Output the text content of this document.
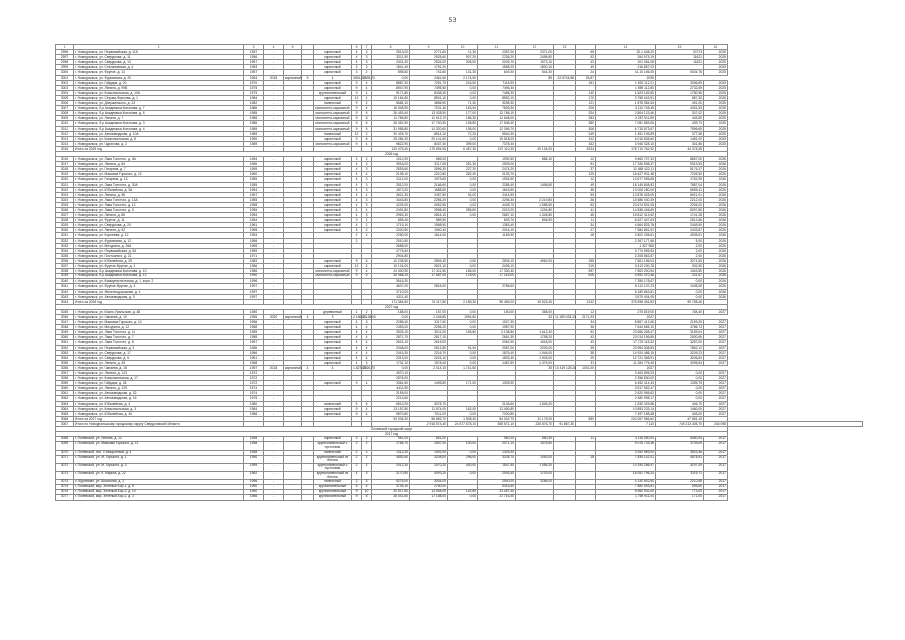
53
1	2	3	4	5			6	7	8	9	10	11	12	13		14	15	16	
2996	г. Новоуральск, ул. Первомайская, д. 115	1957	-			кирпичный	4	3	2813,00	2771,60	11,30	2357,00	2371,00		65	20.1 048,20	37073	2025	
2997	г. Новоуральск, ул. Свердлова, д. 11	1956	-			кирпичный	4	3	3211,90	2925,60	907,20	2236,20	2498,80		52	264 975,19	11621	2025	
2998	г. Новоуральск, ул. Свердлова, д. 13	1957	-			кирпичный	4	3	2401,20	2534,00	306,00	2205,70	1973,10		43	201 081,08	11621	2025	
2999	г. Новоуральск, ул. Стахановская, д. 4	1953	-			кирпичный	3	3	1841,40	1751,20		1568,20	1800,10		40	216 857,23		2025	
3000	г. Новоуральск, ул. Фрунзе, д. 14	1957	-			кирпичный	3	2	895,60	742,60	131,30	649,30	544,30		24	41.10 156,05	5304,76	2025	
3001	г. Новоуральск, ул. Фурманова, д. 20	1963	2018	кирпичный	5	4	3061,20	2835,70	0,00	2461,60	2.174,00		89	22.5744,88	25,87	2025			
3002	г. Новоуральск, ул. Гайдара, д. 20	1970	-			кирпичный	9	4	8887,20	7281,70	243,50	7115,90			161	1 520 112,21	3396,89	2025	
3003	г. Новоуральск, ул. Ленина, д. 99В	1975	-			кирпичный	9	4	8947,90	7495,50	0,00	7496,30				1 559 112,80	2732,69	2025	
3004	г. Новоуральск, ул. Комсомольская, д. 10А	1979	-			крупнопанельный	9	4	9171,80	8438,40	0,00	7468,30			140	1 623 182,80	1780,96	2025	
3005	г. Новоуральск, ул. Серова-Фролова, д. 1	1984	-			кирпичный	12	1	10 164,80	8501,10	0,00	8552,10			170	3 755 043,91	887,30	2025	
3006	г. Новоуральск, ул. Дзержинского, д. 13	1982	-			панельный	9	2	5684,10	3856,90	71,30	3298,30			121	1 876 384,54	491,00	2025	
3007	г. Новоуральск, б-р Академика Кононова, д. 7	1986	-			монолитно-каркасный	9	4	16 945,50	7031,40	163,00	7609,30			209	3 110 745,45	4331,53	2025	
3008	г. Новоуральск, б-р Академика Кононова, д. 6	1985	-			монолитно-каркасный	9	5	26 453,40	13 028,90	177,00	13 766,10			324	2 804 123,46	307,02	2025	
3009	г. Новоуральск, ул. Ленина, д. 7	1986	-			монолитно-каркасный	9	5	11 785,80	11 013,70	186,30	11 648,00			283	3 287 911,89	445,50	2025	
3010	г. Новоуральск, б-р Академика Кононова, д. 3	1986	-			монолитно-каркасный	9	6	26 451,90	17 700,50	198,80	17 508,40			380	7 081 583,06	439,73	2025	
3011	г. Новоуральск, б-р Академика Кононова, д. 4	1989	-			монолитно-каркасный	9	5	31 958,80	14 320,60	195,00	12 269,70			306	6 715 873,67	7996,65	2025	
3012	г. Новоуральск, ул. Автозаводская, д. 10А	1989	-			панельный	12	2	20 425,70	8514,10	72,20	9540,30			249	1 451 195,89	377,36	2025	
3013	г. Новоуральск, ул. Комсомольская, д. 8	1990	-			кирпичный	9	8	25 284,30	20 141,60	0,00	19 518,00			312	6 015 838,60	1481,00	2025	
3014	г. Новоуральск, ул. Чурилова, д. 2	1989	-			монолитно-каркасный	9	4	9822,90	8437,40	399,00	7378,40			162	3 946 328,10	341,85	2025	
3015	Итого за 2025 год								120 475,40	179 894,90	6 457,30	197 110,30	40 134,00		5234	178 710 762,92	44 378,38		
2026 год																			
3016	г. Новоуральск, ул. Льва Толстого, д. 3А	1954	-			кирпичный	2	2	1012,90	689,00		1992,50	888,10		12	9 663 707,33	8867,00	2026	
3017	г. Новоуральск, ул. Ленина, д. 84	1956	-			кирпичный	4	3	3516,00	3117,60	251,30	2909,00			51	17 326 598,37	9319,53	2026	
3018	г. Новоуральск, ул. Гагарина, д. 7	1959	-			кирпичный	4	3	2593,60	2596,30	227,20	2474,20			37	11 458 422,11	5176,37	2026	
3019	г. Новоуральск, ул. Максима Горького, д. 12	1960	-			кирпичный	4	4	2199,10	2210,80	262,40	2139,70			125	16 627 931,48	7205,50	2026	
3020	г. Новоуральск, ул. Гагарина, д. 13	1959	-			кирпичный	4	3	2112,00	1979,60	0,00	1934,50			12	13 677 595,85	1762,99	2026	
3021	г. Новоуральск, ул. Льва Толстого, д. 30А	1955	-			кирпичный	4	3	2512,00	2166,60	0,00	2288,40	1498,80		49	18 145 808,83	7887,04	2026	
3022	г. Новоуральск, ул. Юбилейная, д. 3А	1954	-			кирпичный	4	3	1873,20	1688,60	0,00	1616,50			36	13 006 280,00	6555,41	2026	
3023	г. Новоуральск, ул. Ленина, д. 98	1957	-			кирпичный	4	4	2621,30	2457,80	92,00	2414,50			50	13 876 428,09	6921,01	2026	
3024	г. Новоуральск, ул. Льва Толстого, д. 13А	1955	-			кирпичный	4	3	3443,80	2256,20	0,00	2296,30	2.219,80		36	15 586 030,39	2212,00	2026	
3025	г. Новоуральск, ул. Льва Толстого, д. 12	1958	-			кирпичный	4	3	4225,00	4052,50	0,00	4428,70	1.588,50		62	23 674 531,05	2206,00	2026	
3026	г. Новоуральск, ул. Льва Толстого, д. 5	1955	-			кирпичный	4	4	2491,80	2598,40	355,80	2019,20	1294,80		41	14 838 446,69	5097,80	2026	
3027	г. Новоуральск, ул. Ленина, д. 86	1954	-			кирпичный	4	3	2963,30	2816,10	0,00	2667,10	1.345,80		45	16 812 313,92	1741,28	2026	
3028	г. Новоуральск, ул. Фрунзе, д. 11	1954	-			кирпичный	3	2	855,40	889,50		849,70	846,90		11	6 527 447,63	2512,66	2026	
3029	г. Новоуральск, ул. Свердлова, д. 24	1961	-			кирпичный	4	2	1719,10	1568,50		1383,40			34	4 664 825,78	2449,50	2026	
3030	г. Новоуральск, ул. Ленина, д. 92	1955	-			кирпичный	3	2	2020,50	1900,40		2016,10			27	7 584 891,91	2433,67	2026	
3031	г. Новоуральск, ул. Корнеева, д. 12	1954	-				2	2	2290,00	1614,00		1189,90			18	2 802 435,61	4535,51	2026	
3032	г. Новоуральск, ул. Фурманова, д. 12	1958	-				2		2010,50							2 267 177,66	5,00	2026	
3033	г. Новоуральск, ул. Мичурина, д. 26А	1959	-						2688,00							1 327 965	2,00	2026	
3034	г. Новоуральск, ул. Первомайская, д. 95	1959	-						2775,60							3 774 695,53	2,00	2026	
3035	г. Новоуральск, ул. Постоялого, д. 21	1971	-						2904,80							2 208 863,57	2,00	2026	
3036	г. Новоуральск, ул. Юбилейная, д. 29	1982	-			кирпичный	9	6	10 238,50	2894,40	0,00	2506,10	4962,00		155	7 601 156,04	3274,50	2026	
3037	г. Новоуральск, ул. Фрунзе-Фрунзе, д. 1	1986	-			кирпичный	12	2	10 124,00	2821,10	0,00	2435,10			219	3 413 230,78	302,50	2026	
3038	г. Новоуральск, б-р Академика Кононова, д. 10	1986	-			монолитно-каркасный	9	4	24 400,90	17 311,50	156,00	17 330,40			597	7 800 200,54	1343,50	2026	
3039	г. Новоуральск, б-р Академика Кононова, д. 12	1990	-			монолитно-каркасный	9	5	26 988,20	17 587,00	178,00	17 216,00			526	4 692 470,46	231,87	2026	
3040	г. Новоуральск, ул. Коммунистическая, д. 1, корп. 2	1996	-						3616,30							7 350 178,67	0,00	2026	
3041	г. Новоуральск, ул. Фрунзе-Фрунзе, д. 4	1997	-						4637,00	2816,00		2786,60				6 112 137,23	1435,08	2026	
3042	г. Новоуральск, ул. Железнодорожная, д. 4	1997	-						3710,00							6 189 863,81	0,00	2026	
3043	г. Новоуральск, ул. Автозаводская, д. 9	1997	-						4311,40							3 879 404,05	0,00	2026	
3044	Итого за 2026 год								171 384,60	74 117,80	2 155,30	95 469,20	15 523,40		2132	375 698 451,83	99 758,46		
2027 год																			
3045	г. Новоуральск, ул. Южно-Уральская, д. 48	1950	-			деревянный	1	2	188,00	157,00	0,00	160,00	368,00		12	275 819,00	784,40	2027	
3046	г. Новоуральск, ул. Чапаева, д. 10	1956	2020	кирпичный	4	3	2.156,60	2.128,00	0,00	2.046,80	1994,80		33	11.189.033,33	2171,93	2027			
3047	г. Новоуральск, ул. Максима Горького, д. 14	1956	-			кирпичный	4	3	2288,40	2117,60	0,00	1927,30			34	8 867 412,06	2159,25	2027	
3048	г. Новоуральск, ул. Мичурина, д. 12	1958	-			кирпичный	4	4	2453,00	2256,20	0,00	1987,90			36	7 644 665,10	4786,73	2027	
3049	г. Новоуральск, ул. Льва Толстого, д. 11	1955	-			кирпичный	4	4	2825,10	3011,00	155,80	2.138,80	1.612,40		52	23 666 268,47	3189,04	2027	
3050	г. Новоуральск, ул. Льва Толстого, д. 7	1958	-			кирпичный	4	4	2871,70	2617,10		2661,30	1798,20		42	23 014 156,85	2900,56	2027	
3051	г. Новоуральск, ул. Льва Толстого, д. 8	1957	-			кирпичный	4	4	2624,10	2619,00		2362,90	1618,00		43	17 723 115,32	3287,00	2027	
3052	г. Новоуральск, ул. Первомайская, д. 3	1956	-			кирпичный	4	4	2048,00	2612,80	91,00	2087,00	2200,00		39	23 954 308,83	7862,12	2027	
3053	г. Новоуральск, ул. Свердлова, д. 17	1956	-			кирпичный	4	4	2416,30	2216,70	0,00	1876,40	1.946,00		38	14 924 486,15	3205,23	2027	
3054	г. Новоуральск, ул. Свердлова, д. 5	1961	-			кирпичный	4	4	2313,00	2024,10	0,00	1833,40	1.925,00		29	12 721 368,91	3036,84	2027	
3055	г. Новоуральск, ул. Ленина, д. 49	1958	-			кирпичный	4	3	1731,10	1578,40	0,00	1487,80	1.375,00		31	11 284 776,40	3095,84	2027	
3056	г. Новоуральск, ул. Чапаева, д. 18	1957	2018	кирпичный	4	4	1.827,00	2026,70	0,00	2.014,10	1.741,60		35	10 419 125,28	1001,00	2027			
3057	г. Новоуральск, ул. Ленина, д. 123	1972	-						2670,10							3 463 895,23	0,00	2027	
3058	г. Новоуральск, ул. Комсомольская, д. 17	1972	-						2876,00							2 356 830,00	0,00	2027	
3059	г. Новоуральск, ул. Гайдара, д. 26	1972	-			кирпичный	9	4	3361,60	1495,80	171,00	1305,90				6 452 414,43	1395,79	2027	
3060	г. Новоуральск, ул. Ленина, д. 129	1974	-						4411,90							3 517 552,47	0,00	2027	
3061	г. Новоуральск, ул. Автозаводская, д. 32	1974	-						2159,00							2 620 956,62	0,00	2027	
3062	г. Новоуральск, ул. Автозаводская, д. 16	1975	-						2213,60							2 480 998,17	0,00	2027	
3063	г. Новоуральск, ул. Юбилейная, д. 4	1980	-			панельный	5	5	6812,00	3078,70		2146,60	1.545,20			1 830 329,88	446,70	2027	
3064	г. Новоуральск, ул. Комсомольская, д. 3	1984	-			кирпичный	9	4	13 157,80	11 974,00	162,00	12 490,80				10 893 233,14	1460,00	2027	
3065	г. Новоуральск, ул. Юбилейная, д. 34	1986	-			кирпичный	9	4	9870,80	7011,00	0,00	7200,80				7 497 188,48	445,00	2027	
3066	Итого за 2027 год								93 006,30	56 683,70	1 508,40	54 042,70	31 175,00		850	224 067 566,60	47 881,15		
3067	Итого по Новоуральскому городскому округу Свердловской области									2 918 574,40	24 577 678,10	365 671,10	226 876,70	91 867,30		7 110	749 213 405,70	244 098	
Полевской городской округ																			
2017 год																			
3068	г. Полевской, ул. Ленина, д. 12	1955	-			кирпичный	3	2	961,00	851,00		960,20	560,30		11	4 116 050,00	5050,94	2017	
3069	г. Полевской, ул. Максима Горького, д. 12	1958	-			крупнопанельный с пустотами	2	2	2756,70	2557,00	100,00	2071,10	1875,60			9 076 733,48	3709,09	2017	
3070	г. Полевской, пос. Станционный, д. 4	1958	-			панельный	2	3	1312,20	1092,00	0,00	1325,40				3 252 969,00	3523,46	2017	
3071	г. Полевской, ул. М. Горького, д. 1	1950	-			крупнопанельный из бетона	2	2	4892,60	3208,00	298,00	3205,70	1052,00		18	7 839 142,01	4878,51	2017	
3072	г. Полевской, ул. М. Горького, д. 3	1959	-			крупнопанельный с пустотами	2	2	2012,30	2070,20	400,00	1547,50	1 085,20			10 290 286,57	3197,09	2017	
3073	г. Полевской, ул. К. Маркса, д. 22	1962	-			крупнопанельный из бетона	4	3	2170,50	4093,20	0,00	2093,40	1703,00			16 051 796,24	3119,71	2017	
3074	с. Курганово, ул. Школьная, д. 1	1996	-			панельный	2	3	5276,00	3304,00		2940,00	3286,00			4 140 602,60	2210,58	2017	
3075	г. Полевской, мкр. Зеленый Бор-1, д. 5	1990	-			крупнопанельный	5	4	3745,10	2760,00		5316,50				7 880 593,81	595,80	2017	
3076	г. Полевской, мкр. Зеленый Бор-2, д. 10	1990	-			крупнопанельный	9	10	20 527,60	14 908,00	142,80	23 457,40				6 960 932,00	773,00	2017	
3077	г. Полевской, мкр. Зеленый Бор-2, д. 3	1986	-			крупнопанельный	9	5	28 041,60	17 158,00	0,00	21 716,30				1 769 911,04	171,00	2017	
